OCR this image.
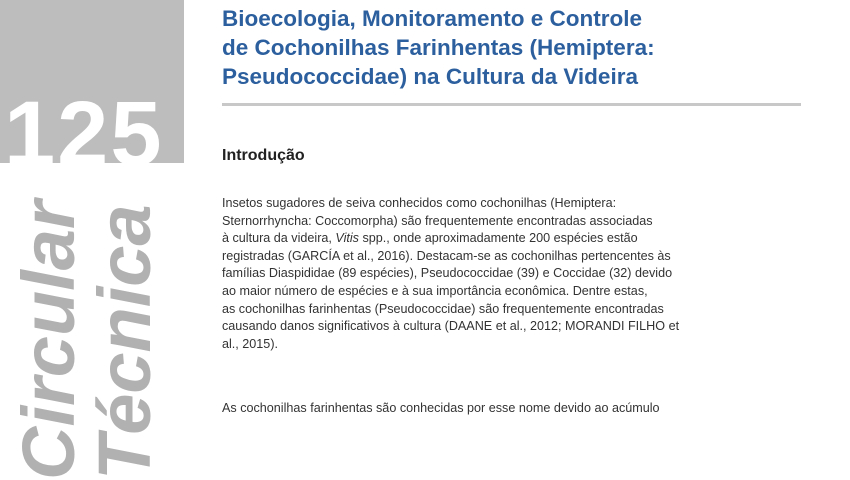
125
Circular
Técnica
Bioecologia, Monitoramento e Controle
de Cochonilhas Farinhentas (Hemiptera:
Pseudococcidae) na Cultura da Videira
Introdução

Insetos sugadores de seiva conhecidos como cochonilhas (Hemiptera:
Sternorrhyncha: Coccomorpha) são frequentemente encontradas associadas
à cultura da videira, Vitis spp., onde aproximadamente 200 espécies estão
registradas (GARCÍA et al., 2016). Destacam-se as cochonilhas pertencentes às
famílias Diaspididae (89 espécies), Pseudococcidae (39) e Coccidae (32) devido
ao maior número de espécies e à sua importância econômica. Dentre estas,
as cochonilhas farinhentas (Pseudococcidae) são frequentemente encontradas
causando danos significativos à cultura (DAANE et al., 2012; MORANDI FILHO et
al., 2015).

As cochonilhas farinhentas são conhecidas por esse nome devido ao acúmulo
